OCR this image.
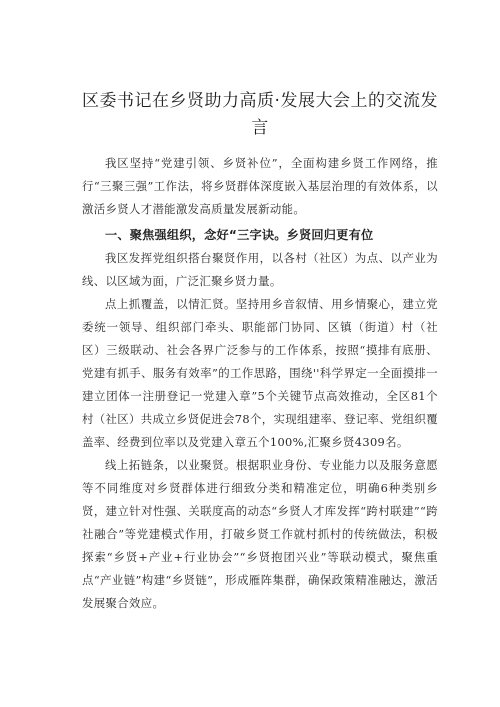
区委书记在乡贤助力高质·发展大会上的交流发言

我区坚持“党建引领、乡贤补位”，全面构建乡贤工作网络，推行“三聚三强”工作法，将乡贤群体深度嵌入基层治理的有效体系，以激活乡贤人才潜能激发高质量发展新动能。

一、聚焦强组织，念好“三字诀。乡贤回归更有位

我区发挥党组织搭台聚贤作用，以各村（社区）为点、以产业为线、以区域为面，广泛汇聚乡贤力量。

点上抓覆盖，以情汇贤。坚持用乡音叙情、用乡情聚心，建立党委统一领导、组织部门牵头、职能部门协同、区镇（街道）村（社区）三级联动、社会各界广泛参与的工作体系，按照“摸排有底册、党建有抓手、服务有效率”的工作思路，围绕''科学界定一全面摸排一建立团体一注册登记一党建入章”5个关键节点高效推动，全区81个村（社区）共成立乡贤促进会78个，实现组建率、登记率、党组织覆盖率、经费到位率以及党建入章五个100%,汇聚乡贤4309名。

线上拓链条，以业聚贤。根据职业身份、专业能力以及服务意愿等不同维度对乡贤群体进行细致分类和精准定位，明确6种类别乡贤，建立针对性强、关联度高的动态“乡贤人才库发挥“跨村联建”“跨社融合”等党建模式作用，打破乡贤工作就村抓村的传统做法，积极探索“乡贤+产业+行业协会”“乡贤抱团兴业”等联动模式，聚焦重点“产业链”构建“乡贤链”，形成雁阵集群，确保政策精准融达，激活发展聚合效应。
